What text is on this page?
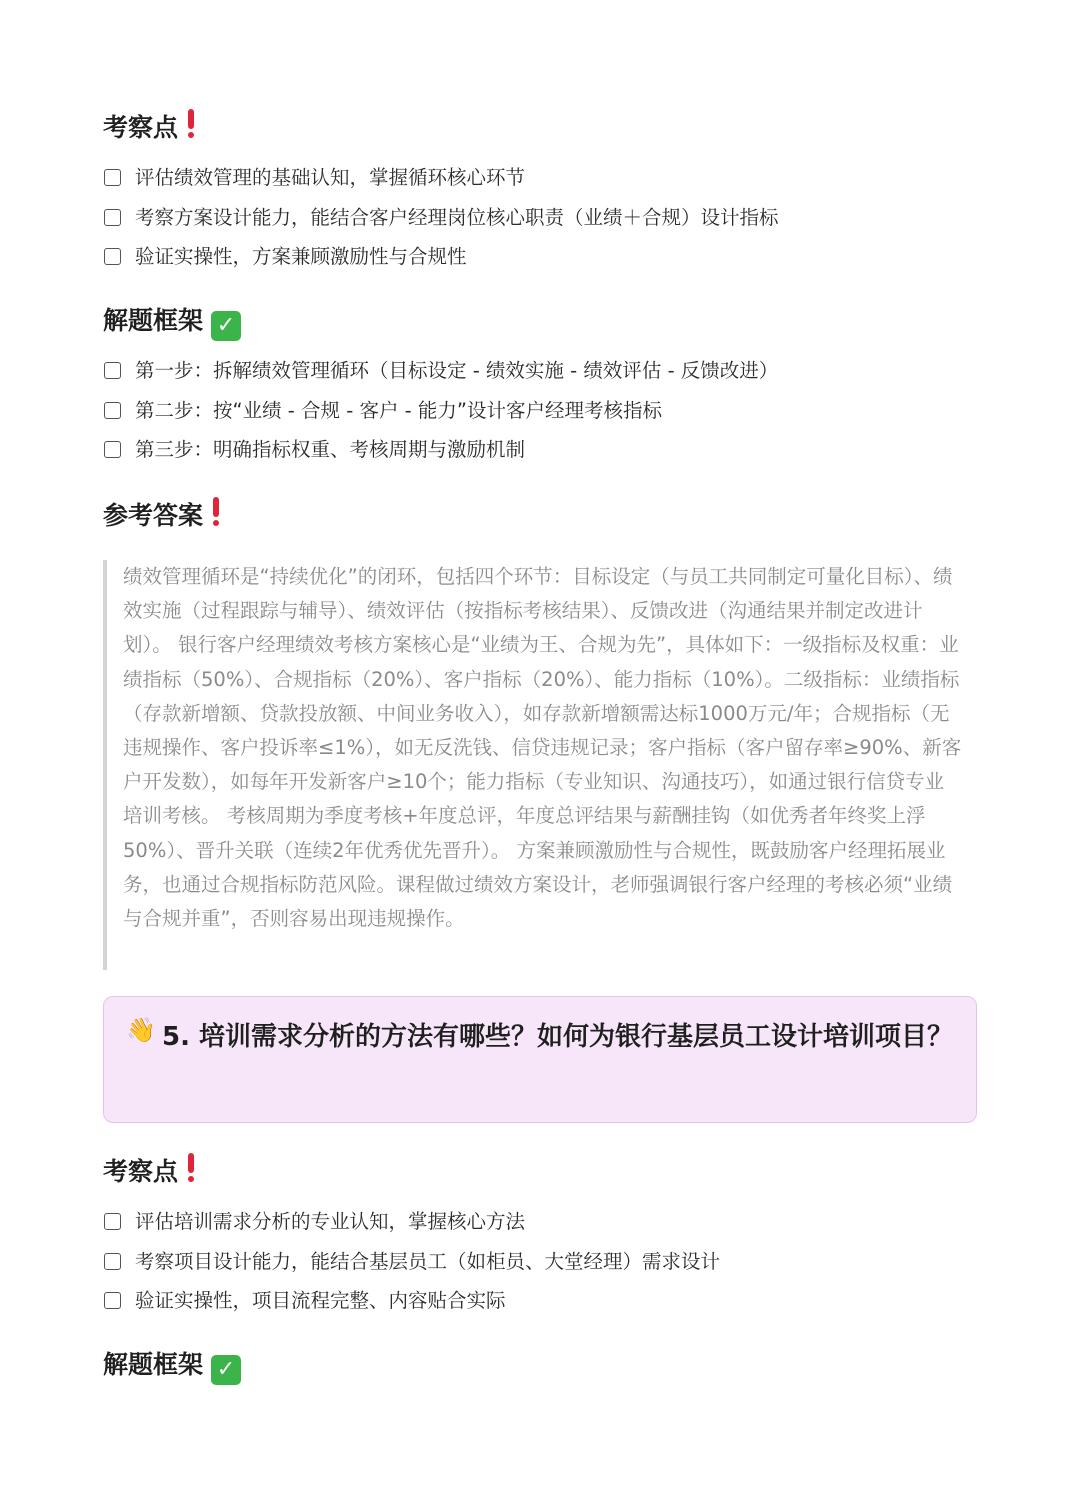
考察点
评估绩效管理的基础认知，掌握循环核心环节
考察方案设计能力，能结合客户经理岗位核心职责（业绩＋合规）设计指标
验证实操性，方案兼顾激励性与合规性
解题框架 ✓
第一步：拆解绩效管理循环（目标设定 - 绩效实施 - 绩效评估 - 反馈改进）
第二步：按“业绩 - 合规 - 客户 - 能力”设计客户经理考核指标
第三步：明确指标权重、考核周期与激励机制
参考答案

绩效管理循环是“持续优化”的闭环，包括四个环节：目标设定（与员工共同制定可量化目标）、绩效实施（过程跟踪与辅导）、绩效评估（按指标考核结果）、反馈改进（沟通结果并制定改进计划）。 银行客户经理绩效考核方案核心是“业绩为王、合规为先”，具体如下：一级指标及权重：业绩指标（50%）、合规指标（20%）、客户指标（20%）、能力指标（10%）。二级指标：业绩指标（存款新增额、贷款投放额、中间业务收入），如存款新增额需达标1000万元/年；合规指标（无违规操作、客户投诉率≤1%），如无反洗钱、信贷违规记录；客户指标（客户留存率≥90%、新客户开发数），如每年开发新客户≥10个；能力指标（专业知识、沟通技巧），如通过银行信贷专业培训考核。 考核周期为季度考核+年度总评，年度总评结果与薪酬挂钩（如优秀者年终奖上浮50%）、晋升关联（连续2年优秀优先晋升）。 方案兼顾激励性与合规性，既鼓励客户经理拓展业务，也通过合规指标防范风险。课程做过绩效方案设计，老师强调银行客户经理的考核必须“业绩与合规并重”，否则容易出现违规操作。

👋 5. 培训需求分析的方法有哪些？如何为银行基层员工设计培训项目？
考察点
评估培训需求分析的专业认知，掌握核心方法
考察项目设计能力，能结合基层员工（如柜员、大堂经理）需求设计
验证实操性，项目流程完整、内容贴合实际
解题框架 ✓
